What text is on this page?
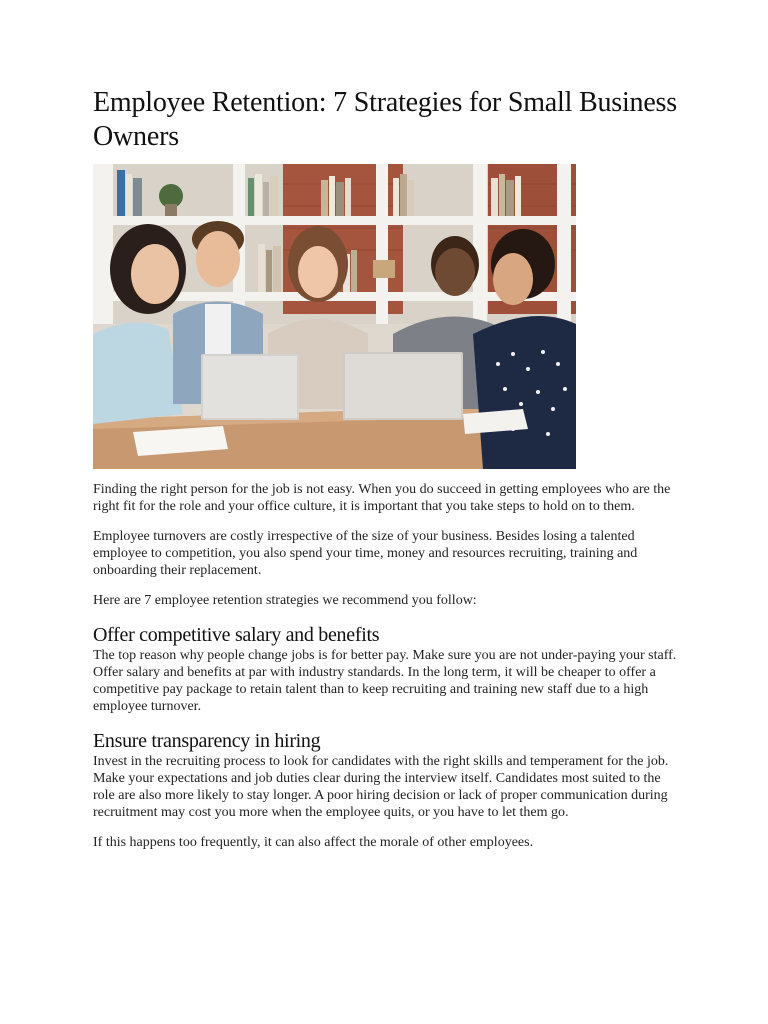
Employee Retention: 7 Strategies for Small Business Owners

Finding the right person for the job is not easy. When you do succeed in getting employees who are the right fit for the role and your office culture, it is important that you take steps to hold on to them.

Employee turnovers are costly irrespective of the size of your business. Besides losing a talented employee to competition, you also spend your time, money and resources recruiting, training and onboarding their replacement.

Here are 7 employee retention strategies we recommend you follow:

Offer competitive salary and benefits

The top reason why people change jobs is for better pay. Make sure you are not under-paying your staff. Offer salary and benefits at par with industry standards. In the long term, it will be cheaper to offer a competitive pay package to retain talent than to keep recruiting and training new staff due to a high employee turnover.

Ensure transparency in hiring

Invest in the recruiting process to look for candidates with the right skills and temperament for the job. Make your expectations and job duties clear during the interview itself. Candidates most suited to the role are also more likely to stay longer. A poor hiring decision or lack of proper communication during recruitment may cost you more when the employee quits, or you have to let them go.

If this happens too frequently, it can also affect the morale of other employees.
